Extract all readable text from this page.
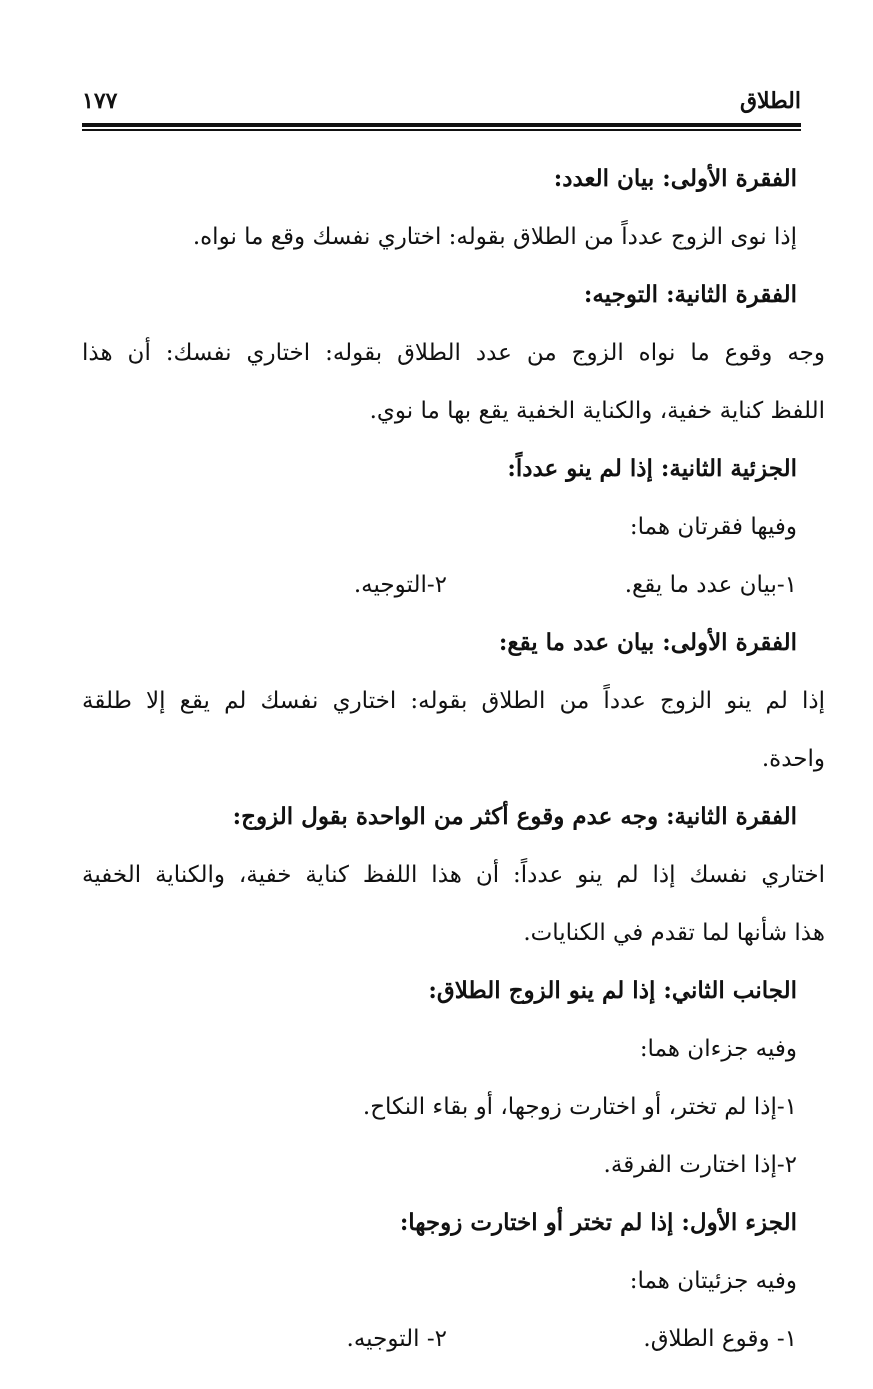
الطلاق
١٧٧
الفقرة الأولى: بيان العدد:
إذا نوى الزوج عدداً من الطلاق بقوله: اختاري نفسك وقع ما نواه.
الفقرة الثانية: التوجيه:
وجه وقوع ما نواه الزوج من عدد الطلاق بقوله: اختاري نفسك: أن هذا
اللفظ كناية خفية، والكناية الخفية يقع بها ما نوي.
الجزئية الثانية: إذا لم ينو عدداً:
وفيها فقرتان هما:
١-بيان عدد ما يقع.
٢-التوجيه.
الفقرة الأولى: بيان عدد ما يقع:
إذا لم ينو الزوج عدداً من الطلاق بقوله: اختاري نفسك لم يقع إلا طلقة
واحدة.
الفقرة الثانية: وجه عدم وقوع أكثر من الواحدة بقول الزوج:
اختاري نفسك إذا لم ينو عدداً: أن هذا اللفظ كناية خفية، والكناية الخفية
هذا شأنها لما تقدم في الكنايات.
الجانب الثاني: إذا لم ينو الزوج الطلاق:
وفيه جزءان هما:
١-إذا لم تختر، أو اختارت زوجها، أو بقاء النكاح.
٢-إذا اختارت الفرقة.
الجزء الأول: إذا لم تختر أو اختارت زوجها:
وفيه جزئيتان هما:
١- وقوع الطلاق.
٢- التوجيه.
